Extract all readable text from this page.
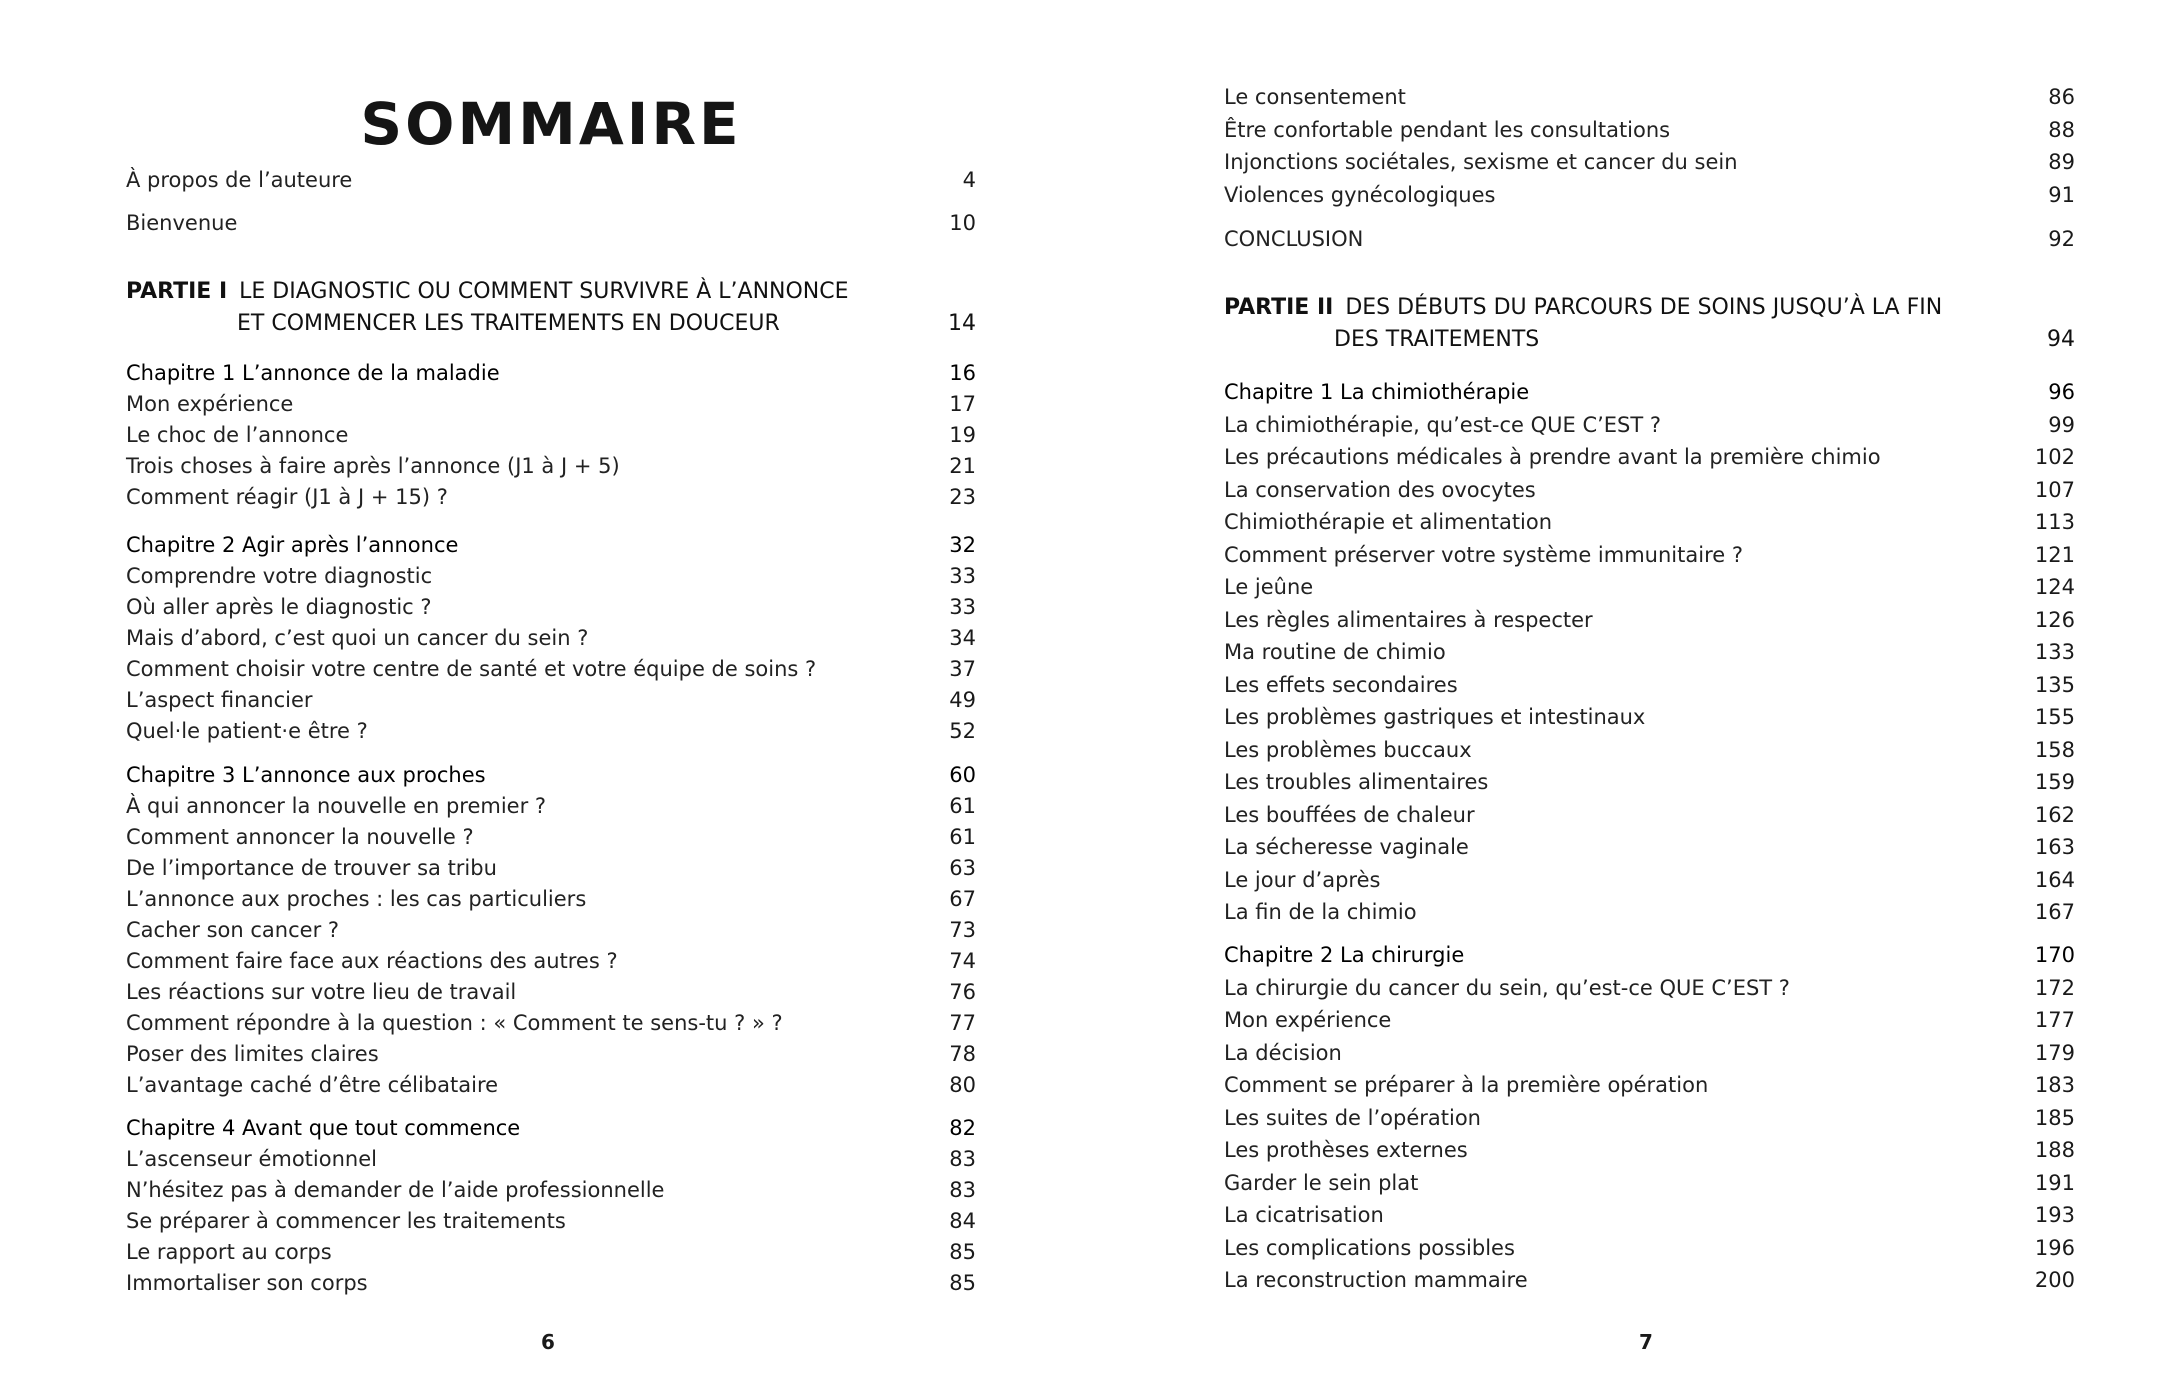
SOMMAIRE
À propos de l’auteure	4
Bienvenue	10
PARTIE I LE DIAGNOSTIC OU COMMENT SURVIVRE À L’ANNONCE
ET COMMENCER LES TRAITEMENTS EN DOUCEUR	14
Chapitre 1 L’annonce de la maladie	16
Mon expérience	17
Le choc de l’annonce	19
Trois choses à faire après l’annonce (J1 à J + 5)	21
Comment réagir (J1 à J + 15) ?	23
Chapitre 2 Agir après l’annonce	32
Comprendre votre diagnostic	33
Où aller après le diagnostic ?	33
Mais d’abord, c’est quoi un cancer du sein ?	34
Comment choisir votre centre de santé et votre équipe de soins ?	37
L’aspect financier	49
Quel·le patient·e être ?	52
Chapitre 3 L’annonce aux proches	60
À qui annoncer la nouvelle en premier ?	61
Comment annoncer la nouvelle ?	61
De l’importance de trouver sa tribu	63
L’annonce aux proches : les cas particuliers	67
Cacher son cancer ?	73
Comment faire face aux réactions des autres ?	74
Les réactions sur votre lieu de travail	76
Comment répondre à la question : « Comment te sens-tu ? » ?	77
Poser des limites claires	78
L’avantage caché d’être célibataire	80
Chapitre 4 Avant que tout commence	82
L’ascenseur émotionnel	83
N’hésitez pas à demander de l’aide professionnelle	83
Se préparer à commencer les traitements	84
Le rapport au corps	85
Immortaliser son corps	85
6
Le consentement	86
Être confortable pendant les consultations	88
Injonctions sociétales, sexisme et cancer du sein	89
Violences gynécologiques	91
CONCLUSION	92
PARTIE II DES DÉBUTS DU PARCOURS DE SOINS JUSQU’À LA FIN
DES TRAITEMENTS	94
Chapitre 1 La chimiothérapie	96
La chimiothérapie, qu’est-ce QUE C’EST ?	99
Les précautions médicales à prendre avant la première chimio	102
La conservation des ovocytes	107
Chimiothérapie et alimentation	113
Comment préserver votre système immunitaire ?	121
Le jeûne	124
Les règles alimentaires à respecter	126
Ma routine de chimio	133
Les effets secondaires	135
Les problèmes gastriques et intestinaux	155
Les problèmes buccaux	158
Les troubles alimentaires	159
Les bouffées de chaleur	162
La sécheresse vaginale	163
Le jour d’après	164
La fin de la chimio	167
Chapitre 2 La chirurgie	170
La chirurgie du cancer du sein, qu’est-ce QUE C’EST ?	172
Mon expérience	177
La décision	179
Comment se préparer à la première opération	183
Les suites de l’opération	185
Les prothèses externes	188
Garder le sein plat	191
La cicatrisation	193
Les complications possibles	196
La reconstruction mammaire	200
7
